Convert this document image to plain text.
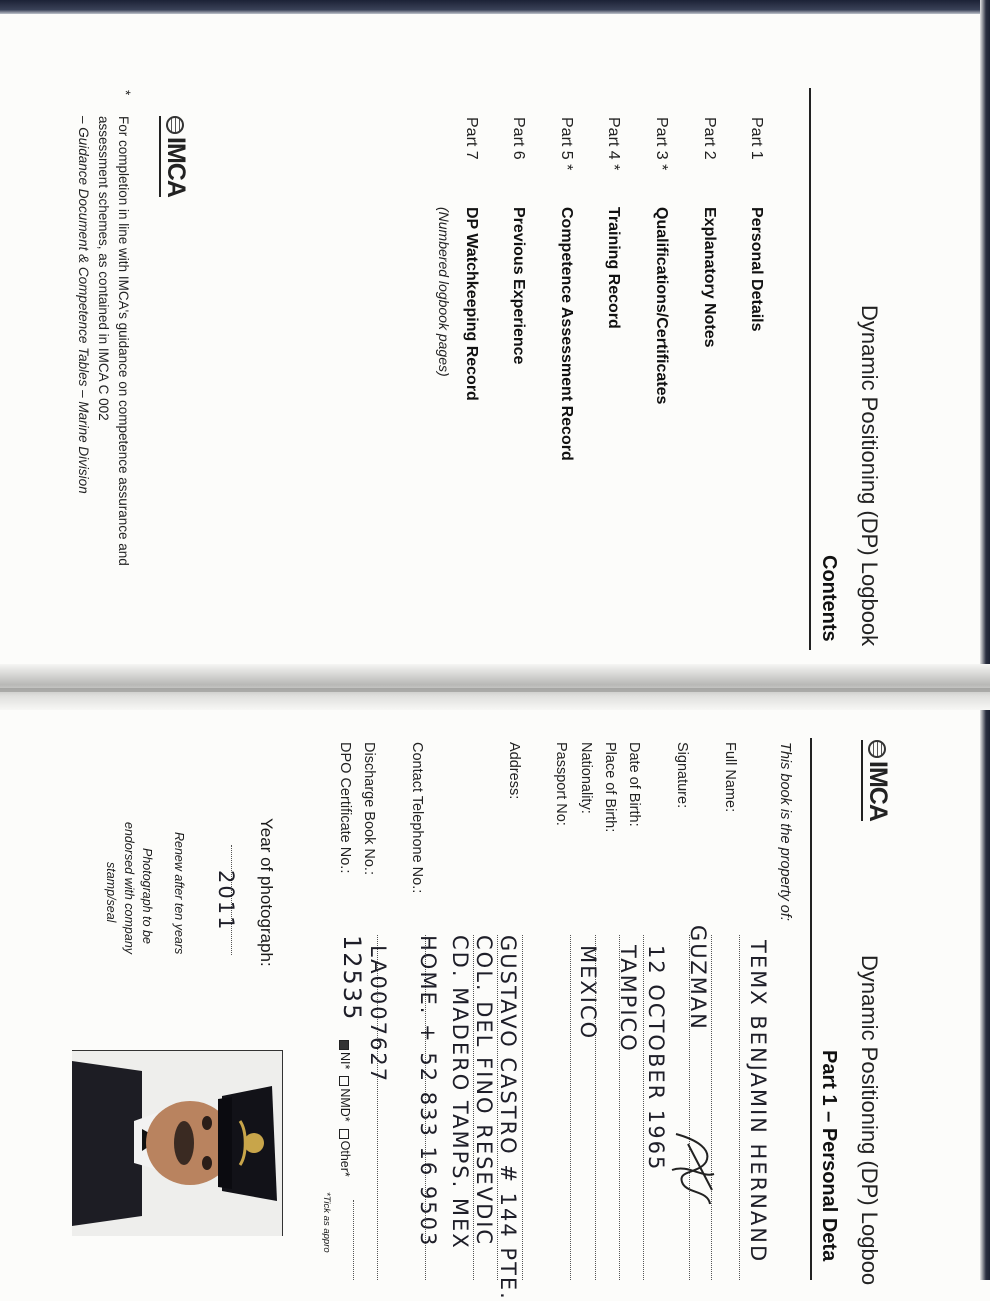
IMCA
Dynamic Positioning (DP) Logbook
Contents
Part 1
Personal Details
Part 2
Explanatory Notes
Part 3 *
Qualifications/Certificates
Part 4 *
Training Record
Part 5 *
Competence Assessment Record
Part 6
Previous Experience
Part 7
DP Watchkeeping Record
(Numbered logbook pages)
*
For completion in line with IMCA's guidance on competence assurance and
assessment schemes, as contained in IMCA C 002
– Guidance Document & Competence Tables – Marine Division
IMCA
Dynamic Positioning (DP) Logboo
Part 1 – Personal Deta
This book is the property of:
Full Name:
TEMX BENJAMIN HERNAND
GUZMAN
Signature:
Date of Birth:
12 OCTOBER 1965
Place of Birth:
TAMPICO
Nationality:
MEXICO
Passport No:
Address:
GUSTAVO CASTRO # 144 PTE.
COL. DEL FINO RESEVDIC
CD. MADERO TAMPS. MEX
Contact Telephone No.:
HOME. + 52 833 16 9503
Discharge Book No.:
LA0007627
DPO Certificate No.:
12535
NI*  NMD*  Other*
*Tick as appro
Year of photograph:
2011
Renew after ten years
Photograph to be
endorsed with company
stamp/seal
